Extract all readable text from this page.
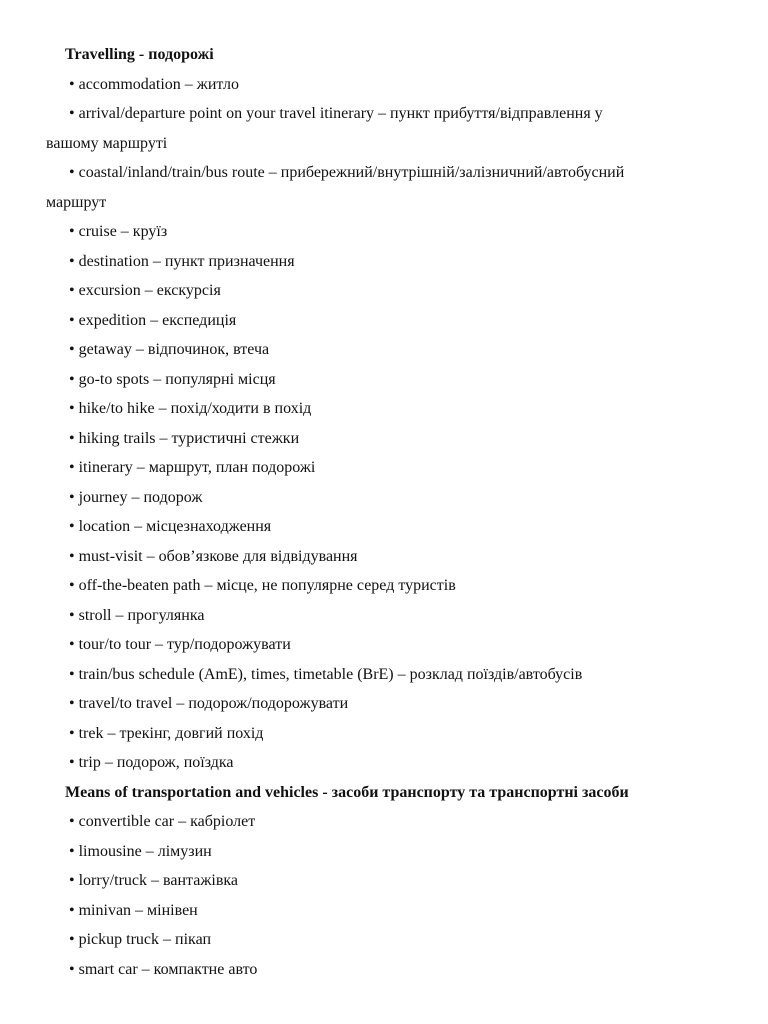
Travelling - подорожі
• accommodation – житло
• arrival/departure point on your travel itinerary – пункт прибуття/відправлення у
вашому маршруті
• coastal/inland/train/bus route – прибережний/внутрішній/залізничний/автобусний
маршрут
• cruise – круїз
• destination – пункт призначення
• excursion – екскурсія
• expedition – експедиція
• getaway – відпочинок, втеча
• go-to spots – популярні місця
• hike/to hike – похід/ходити в похід
• hiking trails – туристичні стежки
• itinerary – маршрут, план подорожі
• journey – подорож
• location – місцезнаходження
• must-visit – обов’язкове для відвідування
• off-the-beaten path – місце, не популярне серед туристів
• stroll – прогулянка
• tour/to tour – тур/подорожувати
• train/bus schedule (AmE), times, timetable (BrE) – розклад поїздів/автобусів
• travel/to travel – подорож/подорожувати
• trek – трекінг, довгий похід
• trip – подорож, поїздка
Means of transportation and vehicles - засоби транспорту та транспортні засоби
• convertible car – кабріолет
• limousine – лімузин
• lorry/truck – вантажівка
• minivan – мінівен
• pickup truck – пікап
• smart car – компактне авто
